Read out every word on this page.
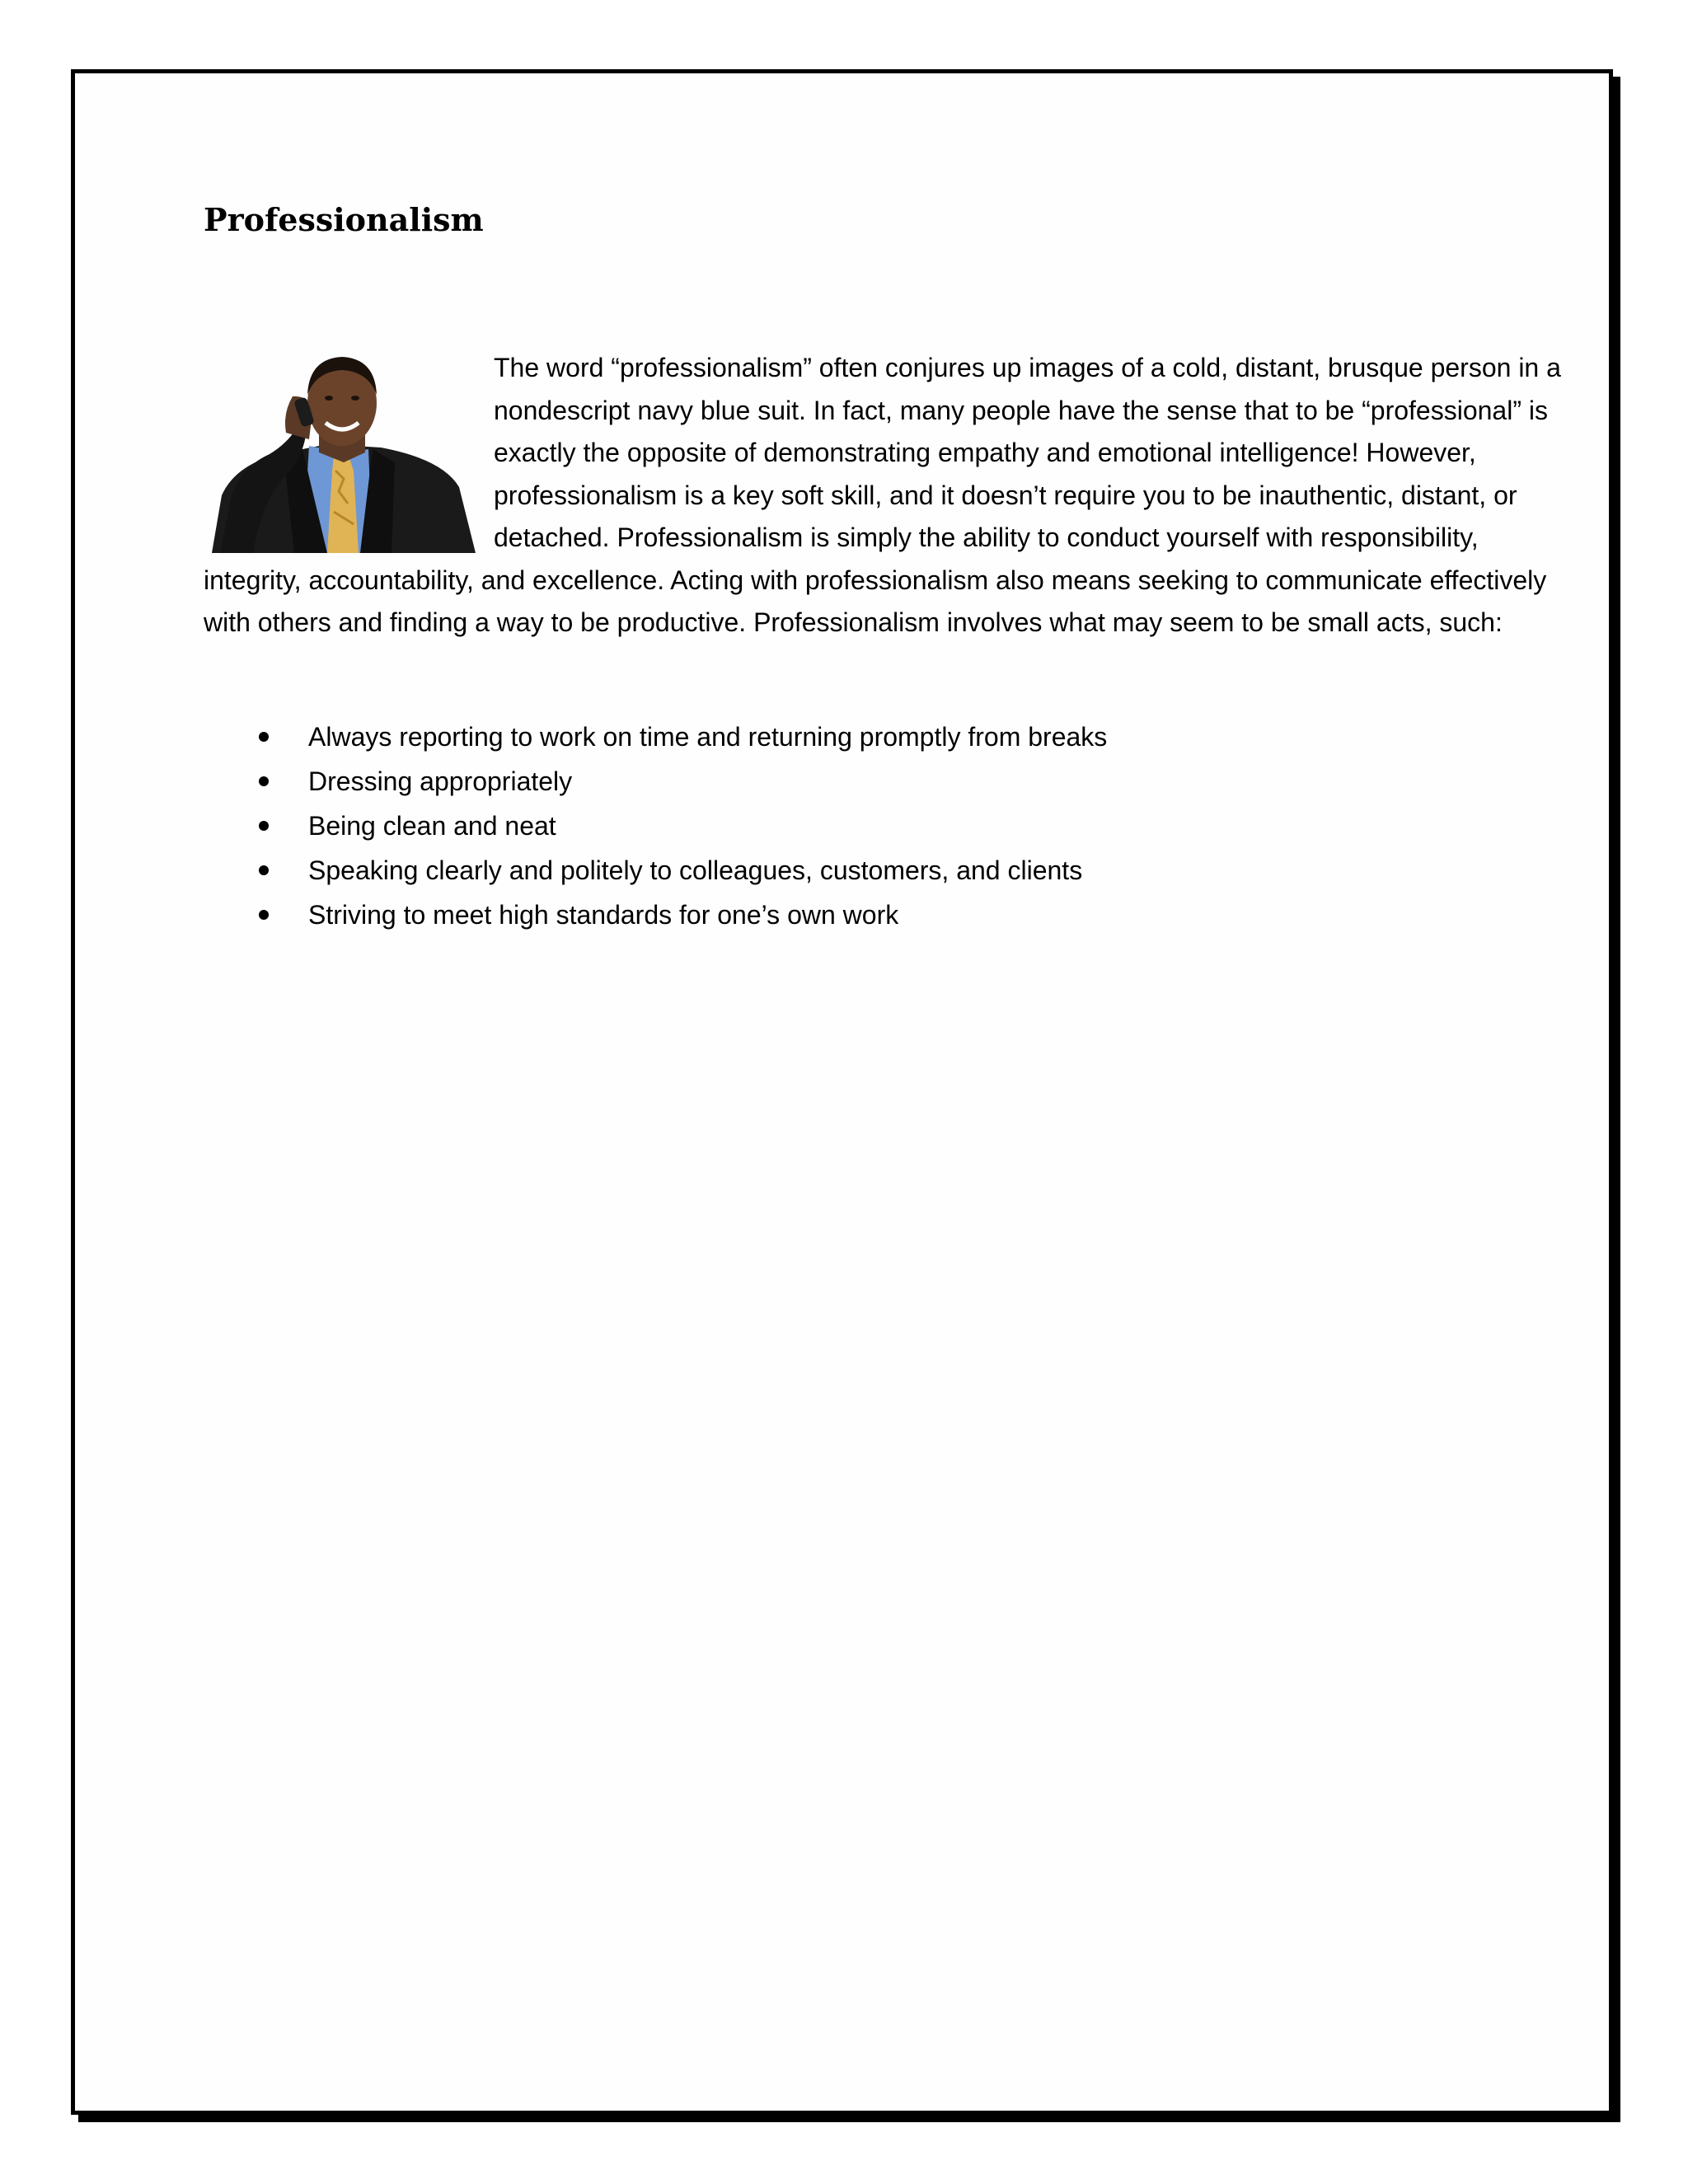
Professionalism
The word “professionalism” often conjures up images of a cold, distant, brusque person in a nondescript navy blue suit. In fact, many people have the sense that to be “professional” is exactly the opposite of demonstrating empathy and emotional intelligence! However, professionalism is a key soft skill, and it doesn’t require you to be inauthentic, distant, or detached. Professionalism is simply the ability to conduct yourself with responsibility, integrity, accountability, and excellence. Acting with professionalism also means seeking to communicate effectively with others and finding a way to be productive. Professionalism involves what may seem to be small acts, such:
Always reporting to work on time and returning promptly from breaks
Dressing appropriately
Being clean and neat
Speaking clearly and politely to colleagues, customers, and clients
Striving to meet high standards for one’s own work
